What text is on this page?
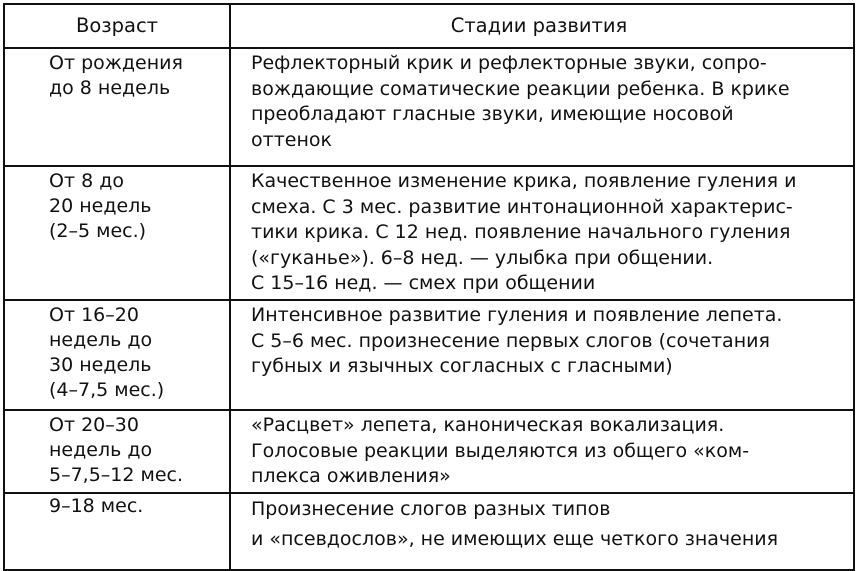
Возраст	Стадии развития
От рождения
до 8 недель
Рефлекторный крик и рефлекторные звуки, сопро-
вождающие соматические реакции ребенка. В крике
преобладают гласные звуки, имеющие носовой
оттенок
От 8 до
20 недель
(2–5 мес.)
Качественное изменение крика, появление гуления и
смеха. С 3 мес. развитие интонационной характерис-
тики крика. С 12 нед. появление начального гуления
(«гуканье»). 6–8 нед. — улыбка при общении.
С 15–16 нед. — смех при общении
От 16–20
недель до
30 недель
(4–7,5 мес.)
Интенсивное развитие гуления и появление лепета.
С 5–6 мес. произнесение первых слогов (сочетания
губных и язычных согласных с гласными)
От 20–30
недель до
5–7,5–12 мес.
«Расцвет» лепета, каноническая вокализация.
Голосовые реакции выделяются из общего «ком-
плекса оживления»
9–18 мес.	Произнесение слогов разных типов
и «псевдослов», не имеющих еще четкого значения
